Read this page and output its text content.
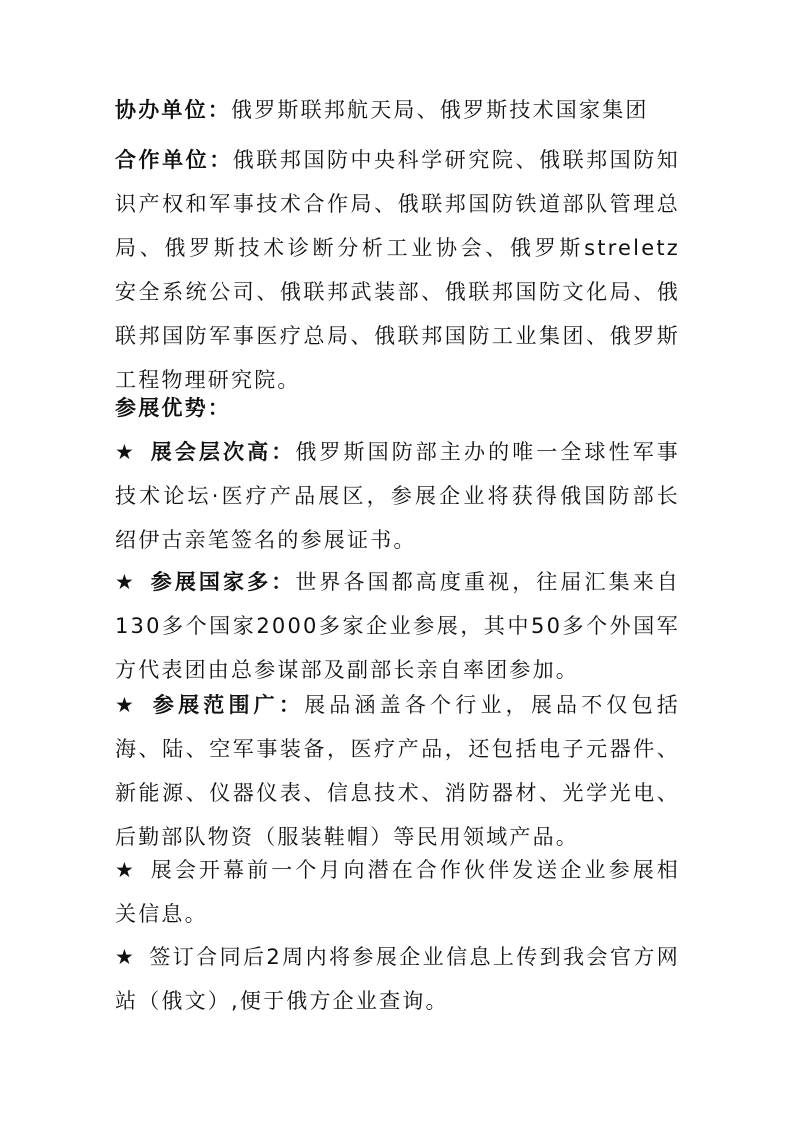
协办单位：俄罗斯联邦航天局、俄罗斯技术国家集团

合作单位：俄联邦国防中央科学研究院、俄联邦国防知识产权和军事技术合作局、俄联邦国防铁道部队管理总局、俄罗斯技术诊断分析工业协会、俄罗斯streletz 安全系统公司、俄联邦武装部、俄联邦国防文化局、俄联邦国防军事医疗总局、俄联邦国防工业集团、俄罗斯工程物理研究院。

参展优势：

★ 展会层次高：俄罗斯国防部主办的唯一全球性军事技术论坛·医疗产品展区，参展企业将获得俄国防部长绍伊古亲笔签名的参展证书。

★ 参展国家多：世界各国都高度重视，往届汇集来自130多个国家2000多家企业参展，其中50多个外国军方代表团由总参谋部及副部长亲自率团参加。

★ 参展范围广：展品涵盖各个行业，展品不仅包括海、陆、空军事装备，医疗产品，还包括电子元器件、新能源、仪器仪表、信息技术、消防器材、光学光电、后勤部队物资（服装鞋帽）等民用领域产品。

★ 展会开幕前一个月向潜在合作伙伴发送企业参展相关信息。

★ 签订合同后2周内将参展企业信息上传到我会官方网站（俄文）,便于俄方企业查询。
